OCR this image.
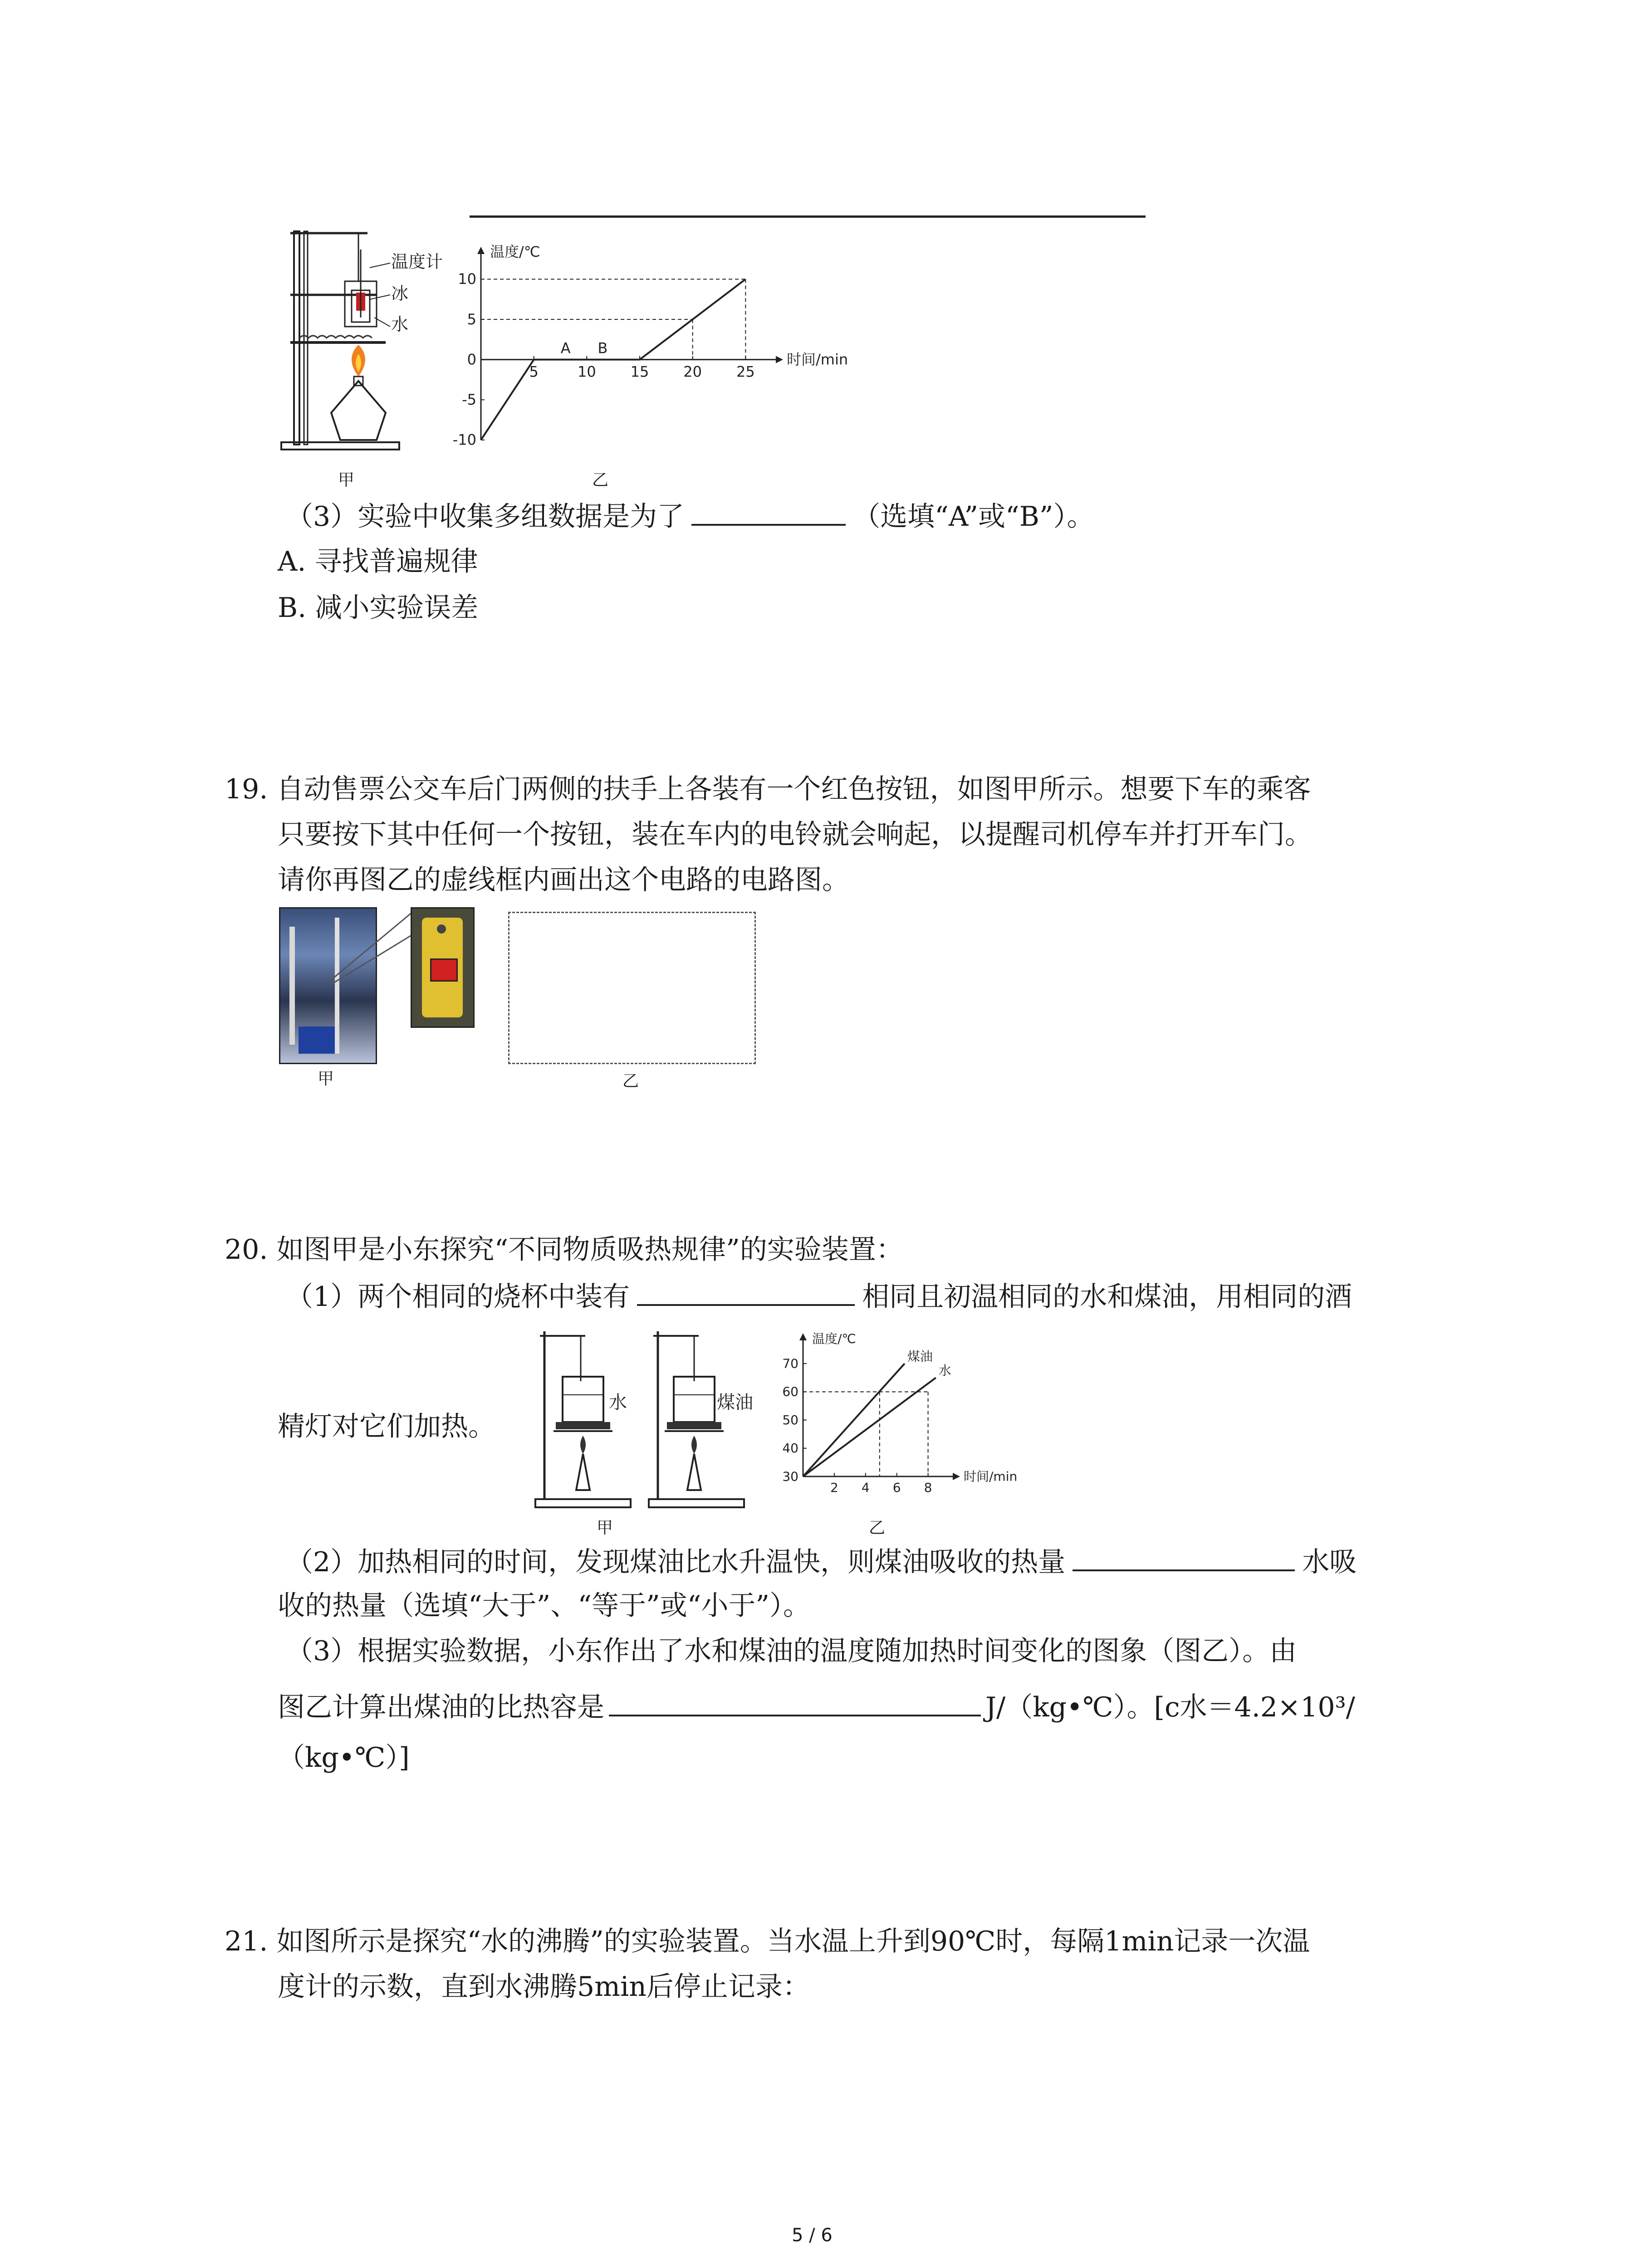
温度计
冰
水
甲
5	10 15 20 25
-10
-5
0
5
10
温度/℃
时间/min
A B
乙
（3）实验中收集多组数据是为了	（选填“A”或“B”）。
A. 寻找普遍规律
B. 减小实验误差
19. 自动售票公交车后门两侧的扶手上各装有一个红色按钮，如图甲所示。想要下车的乘客
只要按下其中任何一个按钮，装在车内的电铃就会响起，以提醒司机停车并打开车门。
请你再图乙的虚线框内画出这个电路的电路图。
甲	乙
20. 如图甲是小东探究“不同物质吸热规律”的实验装置：
（1）两个相同的烧杯中装有	相同且初温相同的水和煤油，用相同的酒
精灯对它们加热。
水	煤油
甲
2 4 6 8
30
40
50
60
70
温度/℃
时间/min
煤油
水
乙
（2）加热相同的时间，发现煤油比水升温快，则煤油吸收的热量	水吸
收的热量（选填“大于”、“等于”或“小于”）。
（3）根据实验数据，小东作出了水和煤油的温度随加热时间变化的图象（图乙）。由
图乙计算出煤油的比热容是	J/（kg•℃）。[c水＝4.2×10³/
（kg•℃）]
21. 如图所示是探究“水的沸腾”的实验装置。当水温上升到90℃时，每隔1min记录一次温
度计的示数，直到水沸腾5min后停止记录：
5 / 6
